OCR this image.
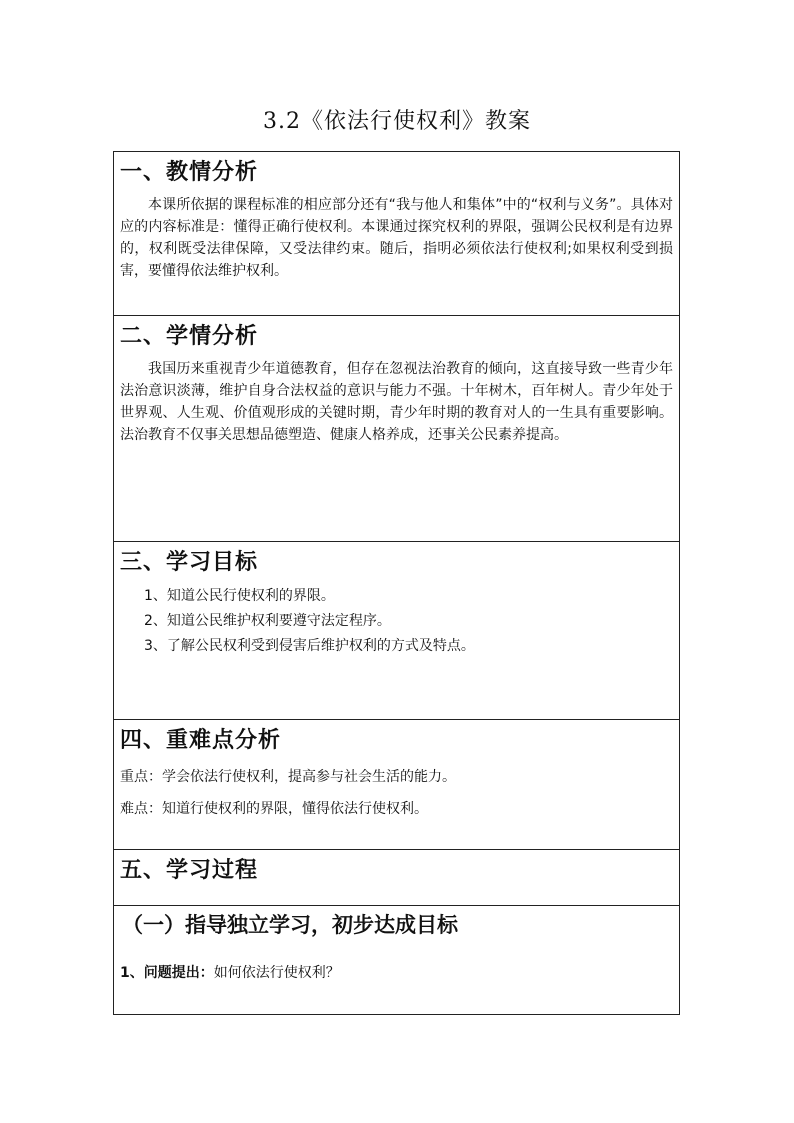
3.2《依法行使权利》教案
一、教情分析
本课所依据的课程标准的相应部分还有“我与他人和集体”中的“权利与义务”。具体对应的内容标准是：懂得正确行使权利。本课通过探究权利的界限，强调公民权利是有边界的，权利既受法律保障，又受法律约束。随后，指明必须依法行使权利;如果权利受到损害，要懂得依法维护权利。
二、学情分析
我国历来重视青少年道德教育，但存在忽视法治教育的倾向，这直接导致一些青少年法治意识淡薄，维护自身合法权益的意识与能力不强。十年树木，百年树人。青少年处于世界观、人生观、价值观形成的关键时期，青少年时期的教育对人的一生具有重要影响。法治教育不仅事关思想品德塑造、健康人格养成，还事关公民素养提高。
三、学习目标
1、知道公民行使权利的界限。
2、知道公民维护权利要遵守法定程序。
3、了解公民权利受到侵害后维护权利的方式及特点。
四、重难点分析
重点：学会依法行使权利，提高参与社会生活的能力。
难点：知道行使权利的界限，懂得依法行使权利。
五、学习过程
（一）指导独立学习，初步达成目标
1、问题提出：如何依法行使权利？
